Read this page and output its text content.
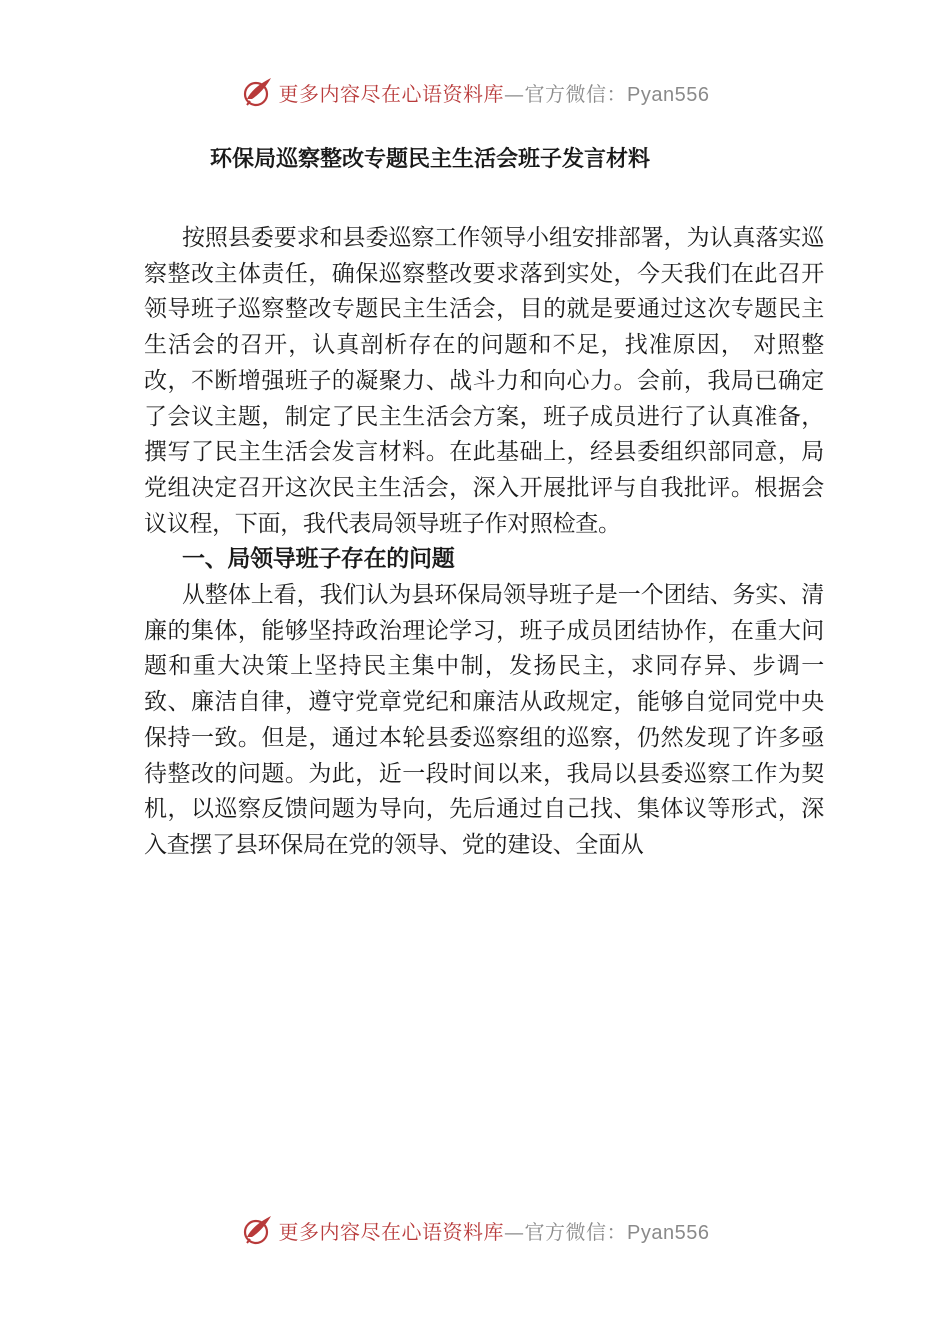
更多内容尽在心语资料库—官方微信：Pyan556
环保局巡察整改专题民主生活会班子发言材料

按照县委要求和县委巡察工作领导小组安排部署，为认真落实巡察整改主体责任，确保巡察整改要求落到实处，今天我们在此召开领导班子巡察整改专题民主生活会，目的就是要通过这次专题民主生活会的召开，认真剖析存在的问题和不足，找准原因， 对照整改，不断增强班子的凝聚力、战斗力和向心力。会前，我局已确定了会议主题，制定了民主生活会方案，班子成员进行了认真准备，撰写了民主生活会发言材料。在此基础上，经县委组织部同意，局党组决定召开这次民主生活会，深入开展批评与自我批评。根据会议议程，下面，我代表局领导班子作对照检查。

一、局领导班子存在的问题

从整体上看，我们认为县环保局领导班子是一个团结、务实、清廉的集体，能够坚持政治理论学习，班子成员团结协作，在重大问题和重大决策上坚持民主集中制，发扬民主，求同存异、步调一致、廉洁自律，遵守党章党纪和廉洁从政规定，能够自觉同党中央保持一致。但是，通过本轮县委巡察组的巡察，仍然发现了许多亟待整改的问题。为此，近一段时间以来，我局以县委巡察工作为契机，以巡察反馈问题为导向，先后通过自己找、集体议等形式，深入查摆了县环保局在党的领导、党的建设、全面从

更多内容尽在心语资料库—官方微信：Pyan556
